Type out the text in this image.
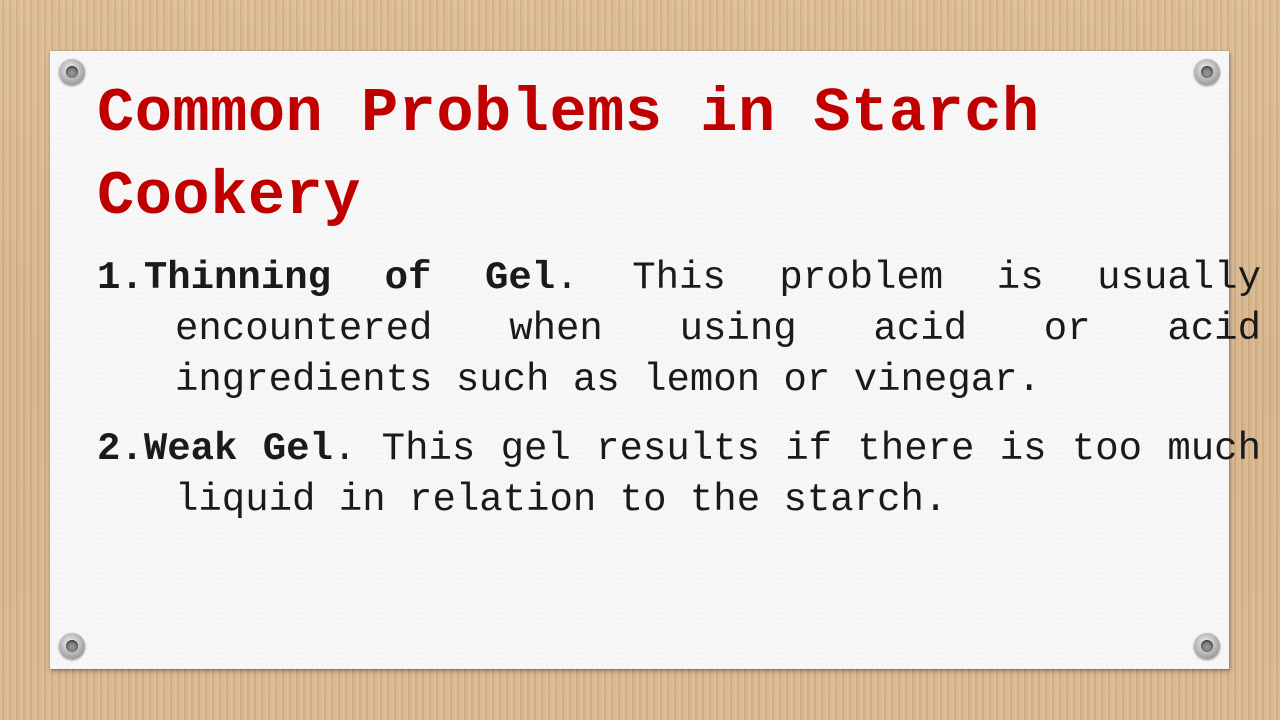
Common Problems in Starch Cookery
1.Thinning of Gel. This problem is usually encountered when using acid or acid ingredients such as lemon or vinegar.
2.Weak Gel. This gel results if there is too much liquid in relation to the starch.
